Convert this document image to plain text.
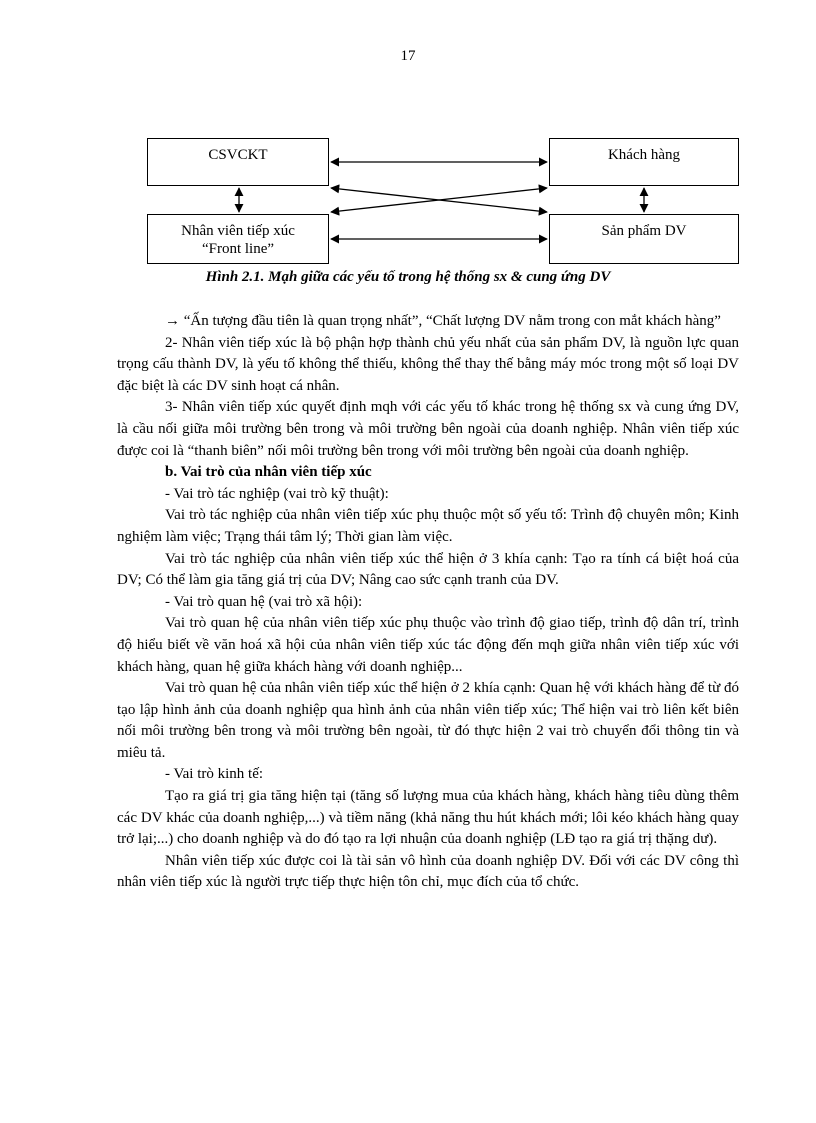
17
CSVCKT	Khách hàng
Nhân viên tiếp xúc
“Front line”
Sản phẩm DV
Hình 2.1. Mạh giữa các yếu tố trong hệ thống sx & cung ứng DV

→ “Ấn tượng đầu tiên là quan trọng nhất”, “Chất lượng DV nằm trong con mắt khách hàng”

2- Nhân viên tiếp xúc là bộ phận hợp thành chủ yếu nhất của sản phẩm DV, là nguồn lực quan trọng cấu thành DV, là yếu tố không thể thiếu, không thể thay thế bằng máy móc trong một số loại DV đặc biệt là các DV sinh hoạt cá nhân.

3- Nhân viên tiếp xúc quyết định mqh với các yếu tố khác trong hệ thống sx và cung ứng DV, là cầu nối giữa môi trường bên trong và môi trường bên ngoài của doanh nghiệp. Nhân viên tiếp xúc được coi là “thanh biên” nối môi trường bên trong với môi trường bên ngoài của doanh nghiệp.

b. Vai trò của nhân viên tiếp xúc

- Vai trò tác nghiệp (vai trò kỹ thuật):

Vai trò tác nghiệp của nhân viên tiếp xúc phụ thuộc một số yếu tố: Trình độ chuyên môn; Kinh nghiệm làm việc; Trạng thái tâm lý; Thời gian làm việc.

Vai trò tác nghiệp của nhân viên tiếp xúc thể hiện ở 3 khía cạnh: Tạo ra tính cá biệt hoá của DV; Có thể làm gia tăng giá trị của DV; Nâng cao sức cạnh tranh của DV.

- Vai trò quan hệ (vai trò xã hội):

Vai trò quan hệ của nhân viên tiếp xúc phụ thuộc vào trình độ giao tiếp, trình độ dân trí, trình độ hiểu biết về văn hoá xã hội của nhân viên tiếp xúc tác động đến mqh giữa nhân viên tiếp xúc với khách hàng, quan hệ giữa khách hàng với doanh nghiệp...

Vai trò quan hệ của nhân viên tiếp xúc thể hiện ở 2 khía cạnh: Quan hệ với khách hàng để từ đó tạo lập hình ảnh của doanh nghiệp qua hình ảnh của nhân viên tiếp xúc; Thể hiện vai trò liên kết biên nối môi trường bên trong và môi trường bên ngoài, từ đó thực hiện 2 vai trò chuyển đổi thông tin và miêu tả.

- Vai trò kinh tế:

Tạo ra giá trị gia tăng hiện tại (tăng số lượng mua của khách hàng, khách hàng tiêu dùng thêm các DV khác của doanh nghiệp,...) và tiềm năng (khả năng thu hút khách mới; lôi kéo khách hàng quay trở lại;...) cho doanh nghiệp và do đó tạo ra lợi nhuận của doanh nghiệp (LĐ tạo ra giá trị thặng dư).

Nhân viên tiếp xúc được coi là tài sản vô hình của doanh nghiệp DV. Đối với các DV công thì nhân viên tiếp xúc là người trực tiếp thực hiện tôn chỉ, mục đích của tổ chức.
